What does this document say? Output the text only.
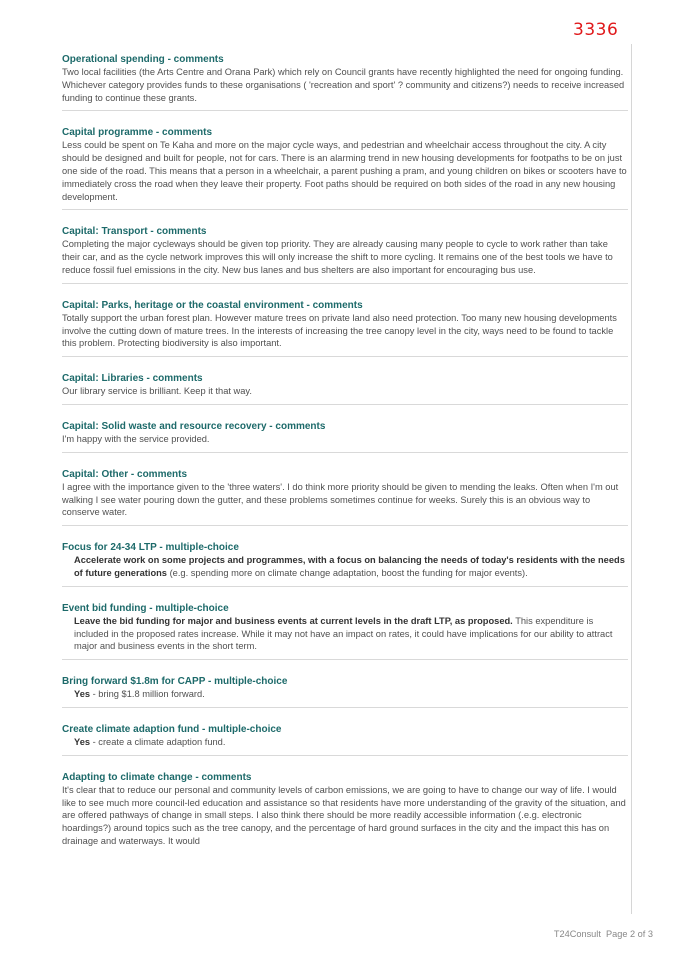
3336
Operational spending - comments
Two local facilities (the Arts Centre and Orana Park) which rely on Council grants have recently highlighted the need for ongoing funding. Whichever category provides funds to these organisations ( 'recreation and sport' ? community and citizens?) needs to receive increased funding to continue these grants.
Capital programme - comments
Less could be spent on Te Kaha and more on the major cycle ways, and pedestrian and wheelchair access throughout the city. A city should be designed and built for people, not for cars. There is an alarming trend in new housing developments for footpaths to be on just one side of the road. This means that a person in a wheelchair, a parent pushing a pram, and young children on bikes or scooters have to immediately cross the road when they leave their property. Foot paths should be required on both sides of the road in any new housing development.
Capital: Transport - comments
Completing the major cycleways should be given top priority. They are already causing many people to cycle to work rather than take their car, and as the cycle network improves this will only increase the shift to more cycling. It remains one of the best tools we have to reduce fossil fuel emissions in the city. New bus lanes and bus shelters are also important for encouraging bus use.
Capital: Parks, heritage or the coastal environment - comments
Totally support the urban forest plan. However mature trees on private land also need protection. Too many new housing developments involve the cutting down of mature trees. In the interests of increasing the tree canopy level in the city, ways need to be found to tackle this problem. Protecting biodiversity is also important.
Capital: Libraries - comments
Our library service is brilliant. Keep it that way.
Capital: Solid waste and resource recovery - comments
I'm happy with the service provided.
Capital: Other - comments
I agree with the importance given to the 'three waters'. I do think more priority should be given to mending the leaks. Often when I'm out walking I see water pouring down the gutter, and these problems sometimes continue for weeks. Surely this is an obvious way to conserve water.
Focus for 24-34 LTP - multiple-choice
Accelerate work on some projects and programmes, with a focus on balancing the needs of today's residents with the needs of future generations (e.g. spending more on climate change adaptation, boost the funding for major events).
Event bid funding - multiple-choice
Leave the bid funding for major and business events at current levels in the draft LTP, as proposed. This expenditure is included in the proposed rates increase. While it may not have an impact on rates, it could have implications for our ability to attract major and business events in the short term.
Bring forward $1.8m for CAPP - multiple-choice
Yes - bring $1.8 million forward.
Create climate adaption fund - multiple-choice
Yes - create a climate adaption fund.
Adapting to climate change - comments
It's clear that to reduce our personal and community levels of carbon emissions, we are going to have to change our way of life. I would like to see much more council-led education and assistance so that residents have more understanding of the gravity of the situation, and are offered pathways of change in small steps. I also think there should be more readily accessible information (.e.g. electronic hoardings?) around topics such as the tree canopy, and the percentage of hard ground surfaces in the city and the impact this has on drainage and waterways. It would
T24Consult Page 2 of 3
